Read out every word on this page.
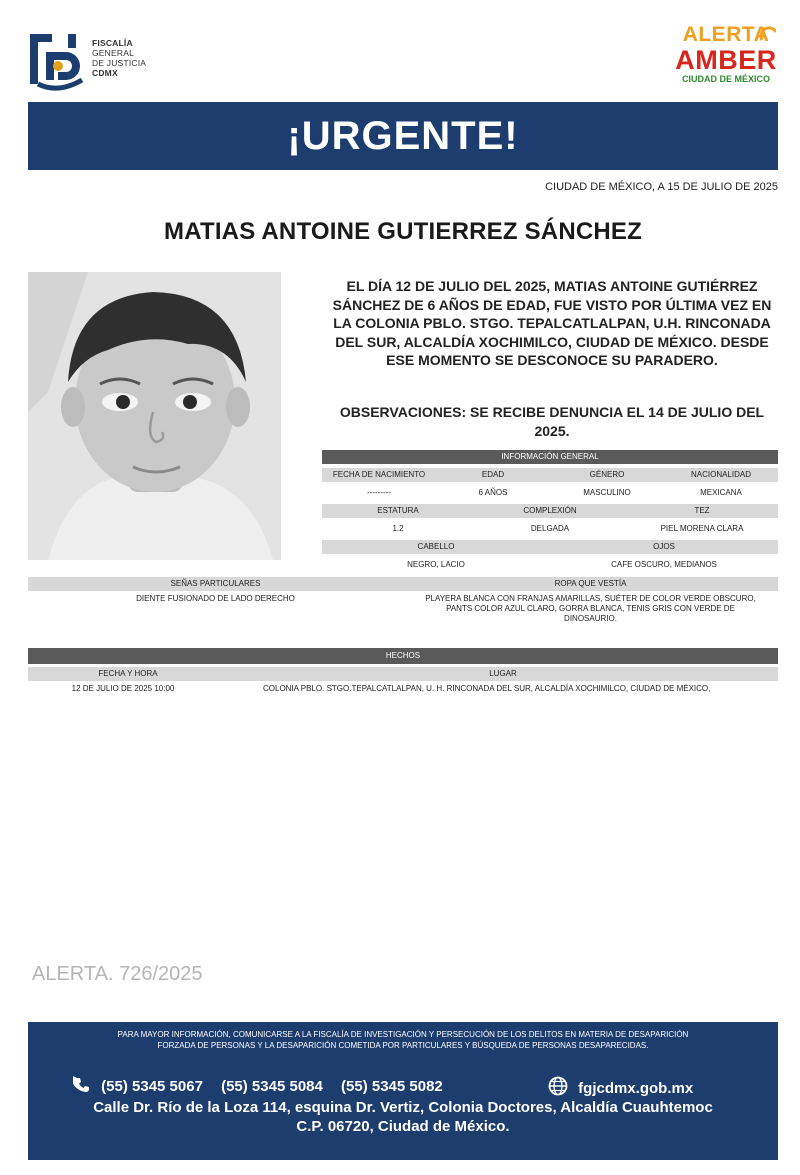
FISCALÍA
GENERAL
DE JUSTICIA
CDMX
ALERTA
AMBER
CIUDAD DE MÉXICO
¡URGENTE!
CIUDAD DE MÉXICO, A 15 DE JULIO DE 2025
MATIAS ANTOINE GUTIERREZ SÁNCHEZ
EL DÍA 12 DE JULIO DEL 2025, MATIAS ANTOINE GUTIÉRREZ SÁNCHEZ DE 6 AÑOS DE EDAD, FUE VISTO POR ÚLTIMA VEZ EN LA COLONIA PBLO. STGO. TEPALCATLALPAN, U.H. RINCONADA DEL SUR, ALCALDÍA XOCHIMILCO, CIUDAD DE MÉXICO. DESDE ESE MOMENTO SE DESCONOCE SU PARADERO.
OBSERVACIONES: SE RECIBE DENUNCIA EL 14 DE JULIO DEL 2025.
INFORMACIÓN GENERAL
FECHA DE NACIMIENTO	EDAD	GÉNERO	NACIONALIDAD
---------	6 AÑOS	MASCULINO	MEXICANA
ESTATURA	COMPLEXIÓN	TEZ
1.2	DELGADA	PIEL MORENA CLARA
CABELLO	OJOS
NEGRO, LACIO	CAFE OSCURO, MEDIANOS
SEÑAS PARTICULARES	ROPA QUE VESTÍA
DIENTE FUSIONADO DE LADO DERECHO	PLAYERA BLANCA CON FRANJAS AMARILLAS, SUÉTER DE COLOR VERDE OBSCURO,
PANTS COLOR AZUL CLARO, GORRA BLANCA, TENIS GRIS CON VERDE DE
DINOSAURIO.
HECHOS
FECHA Y HORA	LUGAR
12 DE JULIO DE 2025 10:00	COLONIA PBLO. STGO.TEPALCATLALPAN, U. H. RINCONADA DEL SUR, ALCALDÍA XOCHIMILCO, CIUDAD DE MÉXICO,
ALERTA. 726/2025
PARA MAYOR INFORMACIÓN, COMUNICARSE A LA FISCALÍA DE INVESTIGACIÓN Y PERSECUCIÓN DE LOS DELITOS EN MATERIA DE DESAPARICIÓN
FORZADA DE PERSONAS Y LA DESAPARICIÓN COMETIDA POR PARTICULARES Y BÚSQUEDA DE PERSONAS DESAPARECIDAS.
(55) 5345 5067 (55) 5345 5084 (55) 5345 5082	fgjcdmx.gob.mx
Calle Dr. Río de la Loza 114, esquina Dr. Vertiz, Colonia Doctores, Alcaldía Cuauhtemoc
C.P. 06720, Ciudad de México.
